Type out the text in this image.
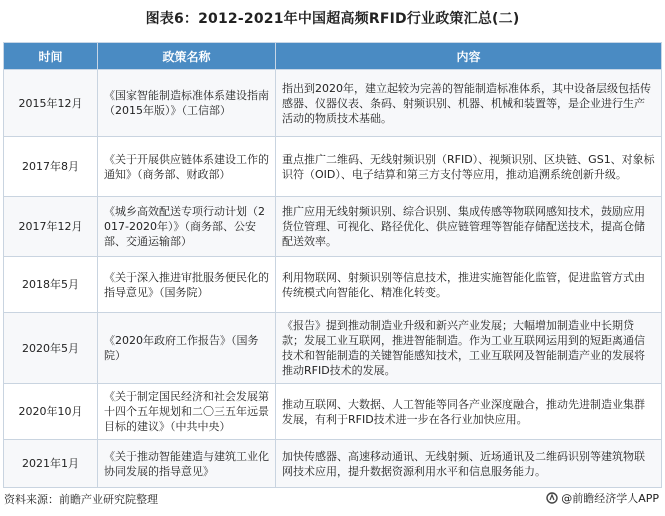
图表6：2012-2021年中国超高频RFID行业政策汇总(二)
时间	政策名称	内容
2015年12月	《国家智能制造标准体系建设指南（2015年版）》（工信部）	指出到2020年，建立起较为完善的智能制造标准体系，其中设备层级包括传感器、仪器仪表、条码、射频识别、机器、机械和装置等，是企业进行生产活动的物质技术基础。
2017年8月	《关于开展供应链体系建设工作的通知》（商务部、财政部）	重点推广二维码、无线射频识别（RFID）、视频识别、区块链、GS1、对象标识符（OID）、电子结算和第三方支付等应用，推动追溯系统创新升级。
2017年12月	《城乡高效配送专项行动计划（2017-2020年）》（商务部、公安部、交通运输部）	推广应用无线射频识别、综合识别、集成传感等物联网感知技术，鼓励应用货位管理、可视化、路径优化、供应链管理等智能存储配送技术，提高仓储配送效率。
2018年5月	《关于深入推进审批服务便民化的指导意见》（国务院）	利用物联网、射频识别等信息技术，推进实施智能化监管，促进监管方式由传统模式向智能化、精准化转变。
2020年5月	《2020年政府工作报告》（国务院）	《报告》提到推动制造业升级和新兴产业发展；大幅增加制造业中长期贷款；发展工业互联网，推进智能制造。作为工业互联网运用到的短距离通信技术和智能制造的关键智能感知技术，工业互联网及智能制造产业的发展将推动RFID技术的发展。
2020年10月	《关于制定国民经济和社会发展第十四个五年规划和二〇三五年远景目标的建议》（中共中央）	推动互联网、大数据、人工智能等同各产业深度融合，推动先进制造业集群发展，有利于RFID技术进一步在各行业加快应用。
2021年1月	《关于推动智能建造与建筑工业化协同发展的指导意见》	加快传感器、高速移动通讯、无线射频、近场通讯及二维码识别等建筑物联网技术应用，提升数据资源利用水平和信息服务能力。
资料来源：前瞻产业研究院整理	@前瞻经济学人APP
